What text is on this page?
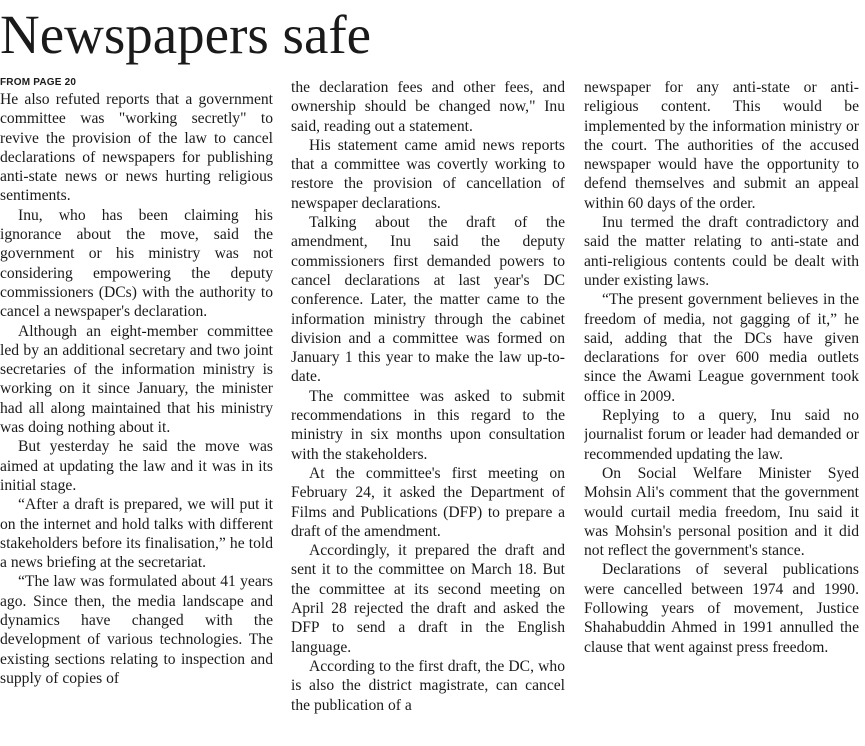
Newspapers safe
FROM PAGE 20

He also refuted reports that a government committee was "working secretly" to revive the provision of the law to cancel declarations of newspapers for publishing anti-state news or news hurting religious sentiments.

Inu, who has been claiming his ignorance about the move, said the government or his ministry was not considering empowering the deputy commissioners (DCs) with the authority to cancel a newspaper's declaration.

Although an eight-member committee led by an additional secretary and two joint secretaries of the information ministry is working on it since January, the minister had all along maintained that his ministry was doing nothing about it.

But yesterday he said the move was aimed at updating the law and it was in its initial stage.

“After a draft is prepared, we will put it on the internet and hold talks with different stakeholders before its finalisation,” he told a news briefing at the secretariat.

“The law was formulated about 41 years ago. Since then, the media landscape and dynamics have changed with the development of various technologies. The existing sections relating to inspection and supply of copies of

the declaration fees and other fees, and ownership should be changed now," Inu said, reading out a statement.

His statement came amid news reports that a committee was covertly working to restore the provision of cancellation of newspaper declarations.

Talking about the draft of the amendment, Inu said the deputy commissioners first demanded powers to cancel declarations at last year's DC conference. Later, the matter came to the information ministry through the cabinet division and a committee was formed on January 1 this year to make the law up-to-date.

The committee was asked to submit recommendations in this regard to the ministry in six months upon consultation with the stakeholders.

At the committee's first meeting on February 24, it asked the Department of Films and Publications (DFP) to prepare a draft of the amendment.

Accordingly, it prepared the draft and sent it to the committee on March 18. But the committee at its second meeting on April 28 rejected the draft and asked the DFP to send a draft in the English language.

According to the first draft, the DC, who is also the district magistrate, can cancel the publication of a

newspaper for any anti-state or anti-religious content. This would be implemented by the information ministry or the court. The authorities of the accused newspaper would have the opportunity to defend themselves and submit an appeal within 60 days of the order.

Inu termed the draft contradictory and said the matter relating to anti-state and anti-religious contents could be dealt with under existing laws.

“The present government believes in the freedom of media, not gagging of it,” he said, adding that the DCs have given declarations for over 600 media outlets since the Awami League government took office in 2009.

Replying to a query, Inu said no journalist forum or leader had demanded or recommended updating the law.

On Social Welfare Minister Syed Mohsin Ali's comment that the government would curtail media freedom, Inu said it was Mohsin's personal position and it did not reflect the government's stance.

Declarations of several publications were cancelled between 1974 and 1990. Following years of movement, Justice Shahabuddin Ahmed in 1991 annulled the clause that went against press freedom.
